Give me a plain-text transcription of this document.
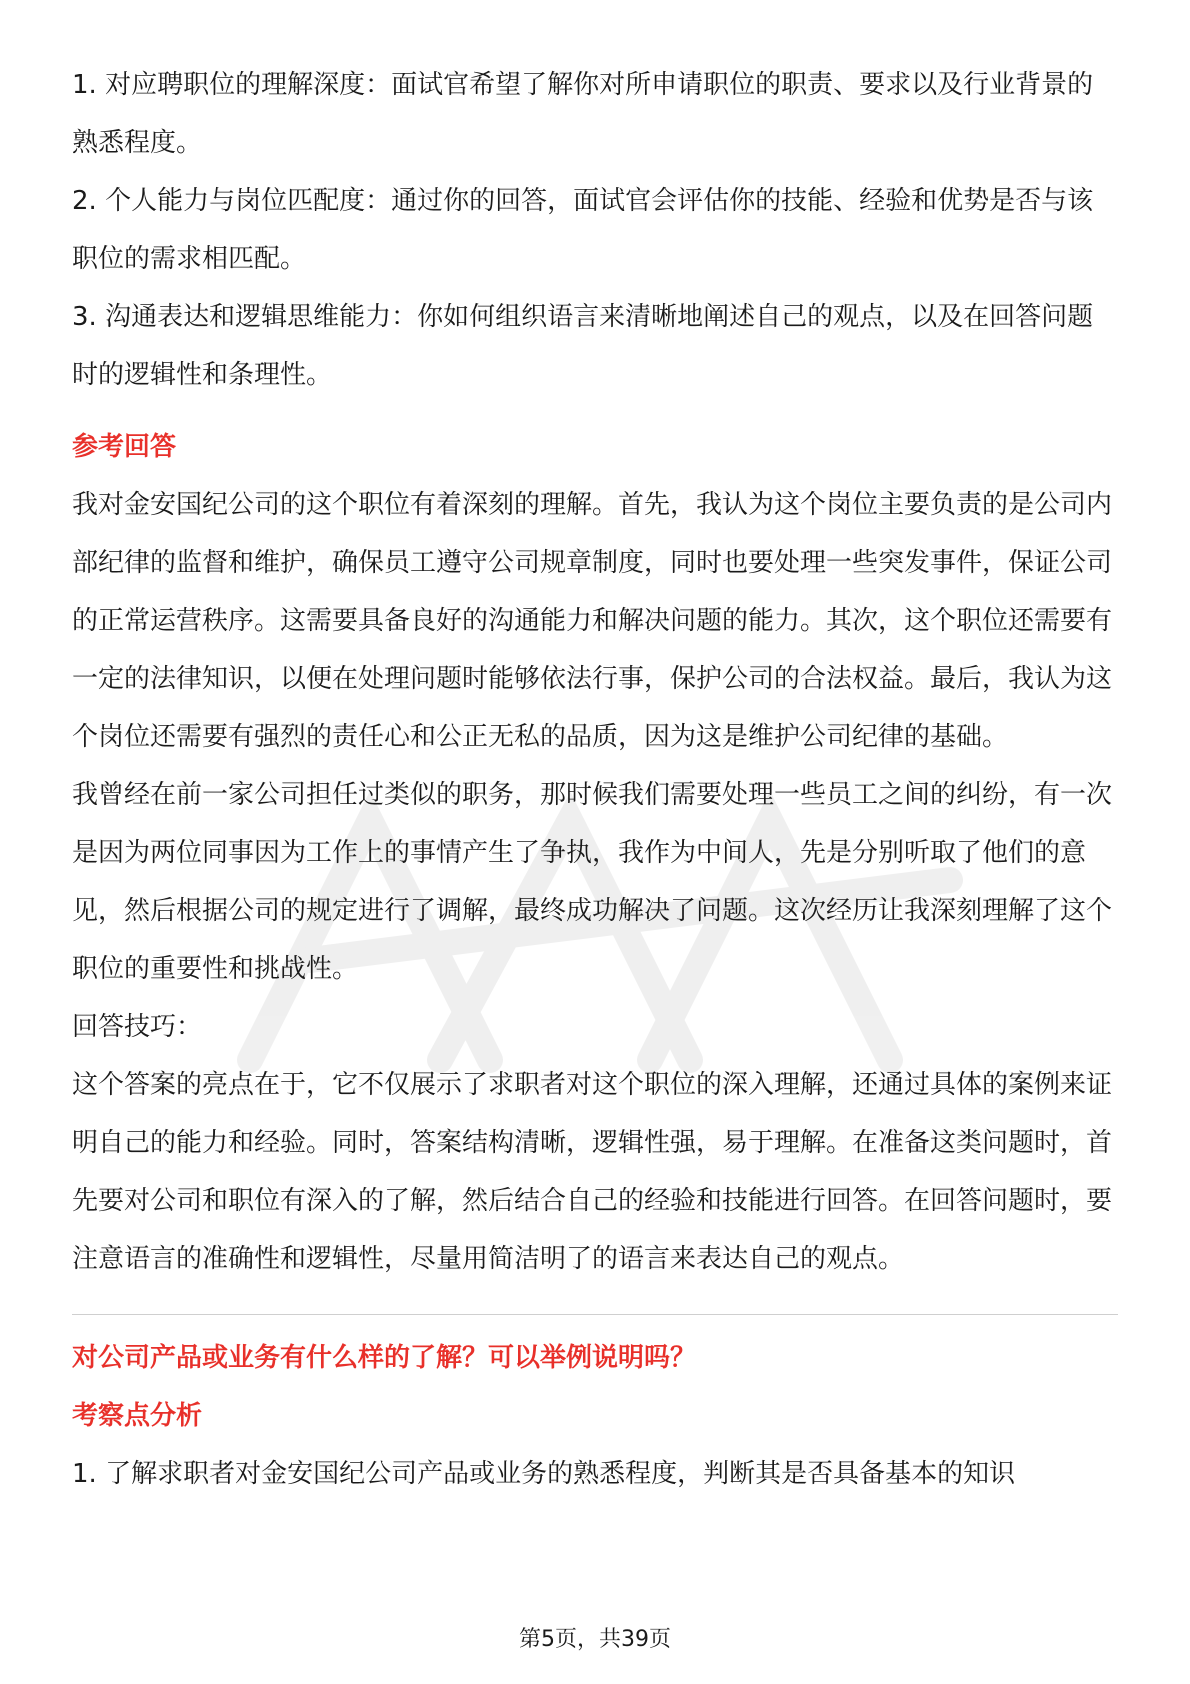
1. 对应聘职位的理解深度：面试官希望了解你对所申请职位的职责、要求以及行业背景的熟悉程度。

2. 个人能力与岗位匹配度：通过你的回答，面试官会评估你的技能、经验和优势是否与该职位的需求相匹配。

3. 沟通表达和逻辑思维能力：你如何组织语言来清晰地阐述自己的观点，以及在回答问题时的逻辑性和条理性。

参考回答

我对金安国纪公司的这个职位有着深刻的理解。首先，我认为这个岗位主要负责的是公司内部纪律的监督和维护，确保员工遵守公司规章制度，同时也要处理一些突发事件，保证公司的正常运营秩序。这需要具备良好的沟通能力和解决问题的能力。其次，这个职位还需要有一定的法律知识，以便在处理问题时能够依法行事，保护公司的合法权益。最后，我认为这个岗位还需要有强烈的责任心和公正无私的品质，因为这是维护公司纪律的基础。

我曾经在前一家公司担任过类似的职务，那时候我们需要处理一些员工之间的纠纷，有一次是因为两位同事因为工作上的事情产生了争执，我作为中间人，先是分别听取了他们的意见，然后根据公司的规定进行了调解，最终成功解决了问题。这次经历让我深刻理解了这个职位的重要性和挑战性。

回答技巧：

这个答案的亮点在于，它不仅展示了求职者对这个职位的深入理解，还通过具体的案例来证明自己的能力和经验。同时，答案结构清晰，逻辑性强，易于理解。在准备这类问题时，首先要对公司和职位有深入的了解，然后结合自己的经验和技能进行回答。在回答问题时，要注意语言的准确性和逻辑性，尽量用简洁明了的语言来表达自己的观点。

对公司产品或业务有什么样的了解？可以举例说明吗？
考察点分析

1. 了解求职者对金安国纪公司产品或业务的熟悉程度，判断其是否具备基本的知识

第5页，共39页
